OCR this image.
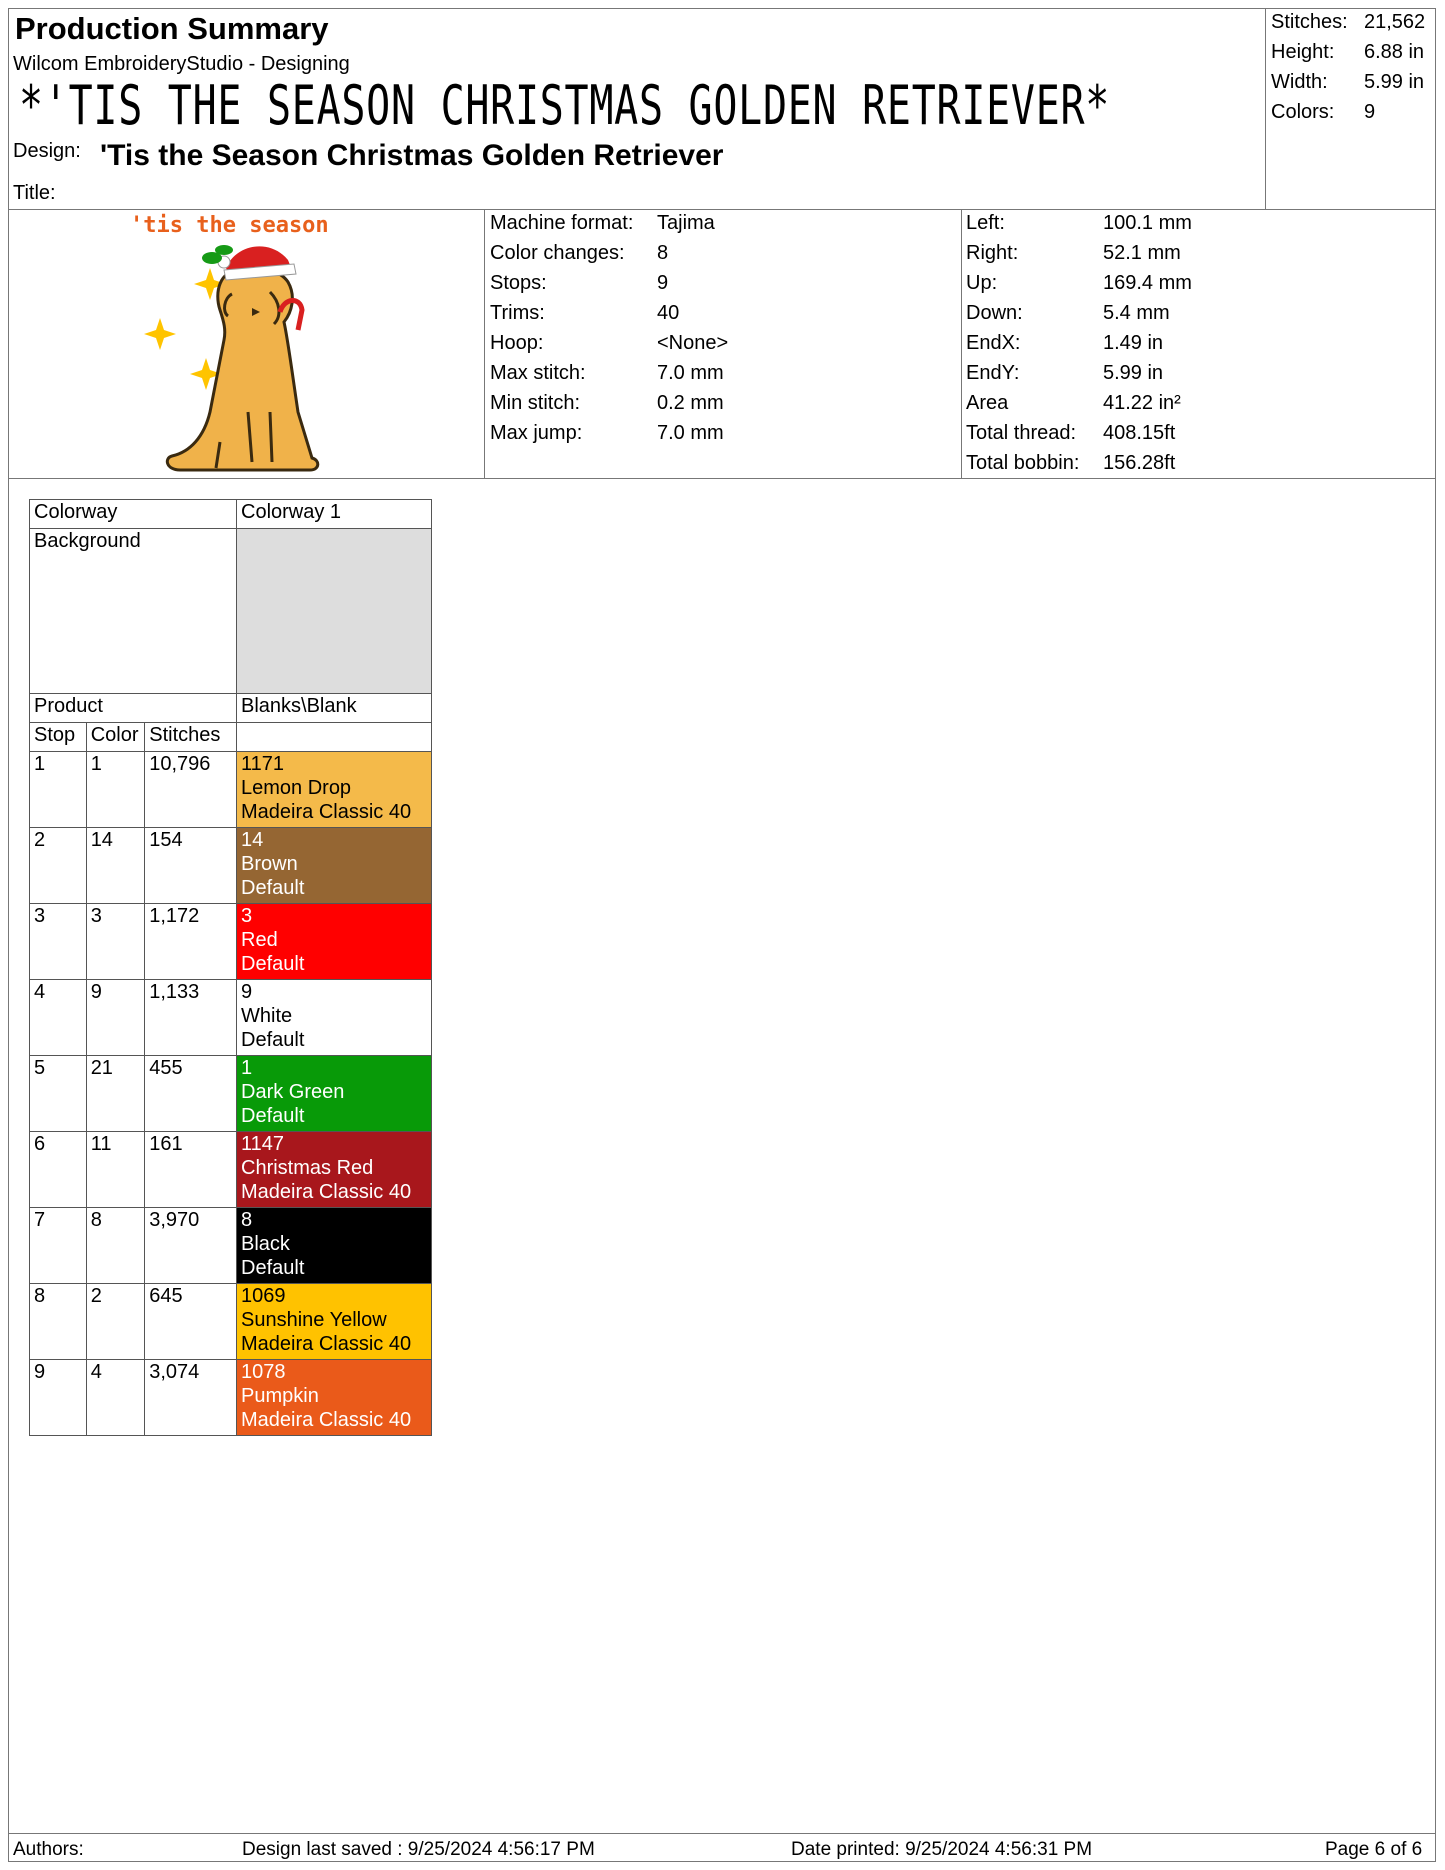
Production Summary
Wilcom EmbroideryStudio - Designing
*'TIS THE SEASON CHRISTMAS GOLDEN RETRIEVER*
Design: 'Tis the Season Christmas Golden Retriever
Title:
Stitches: 21,562
Height: 6.88 in
Width: 5.99 in
Colors: 9
'tis the season	Machine format: Tajima
Color changes: 8
Stops:	9
Trims:	40
Hoop:	<None>
Max stitch:	7.0 mm
Min stitch:	0.2 mm
Max jump:	7.0 mm
Left:	100.1 mm
Right:	52.1 mm
Up:	169.4 mm
Down:	5.4 mm
EndX:	1.49 in
EndY:	5.99 in
Area	41.22 in²
Total thread: 408.15ft
Total bobbin: 156.28ft
Colorway			Colorway 1
Background			
Product			Blanks\Blank
Stop	Color	Stitches	
1	1	10,796	1171
Lemon Drop
Madeira Classic 40

2	14	154	14
Brown
Default

3	3	1,172	3
Red
Default

4	9	1,133	9
White
Default

5	21	455	1
Dark Green
Default

6	11	161	1147
Christmas Red
Madeira Classic 40

7	8	3,970	8
Black
Default

8	2	645	1069
Sunshine Yellow
Madeira Classic 40

9	4	3,074	1078
Pumpkin
Madeira Classic 40
Authors:	Design last saved : 9/25/2024 4:56:17 PM	Date printed: 9/25/2024 4:56:31 PM	Page 6 of 6
